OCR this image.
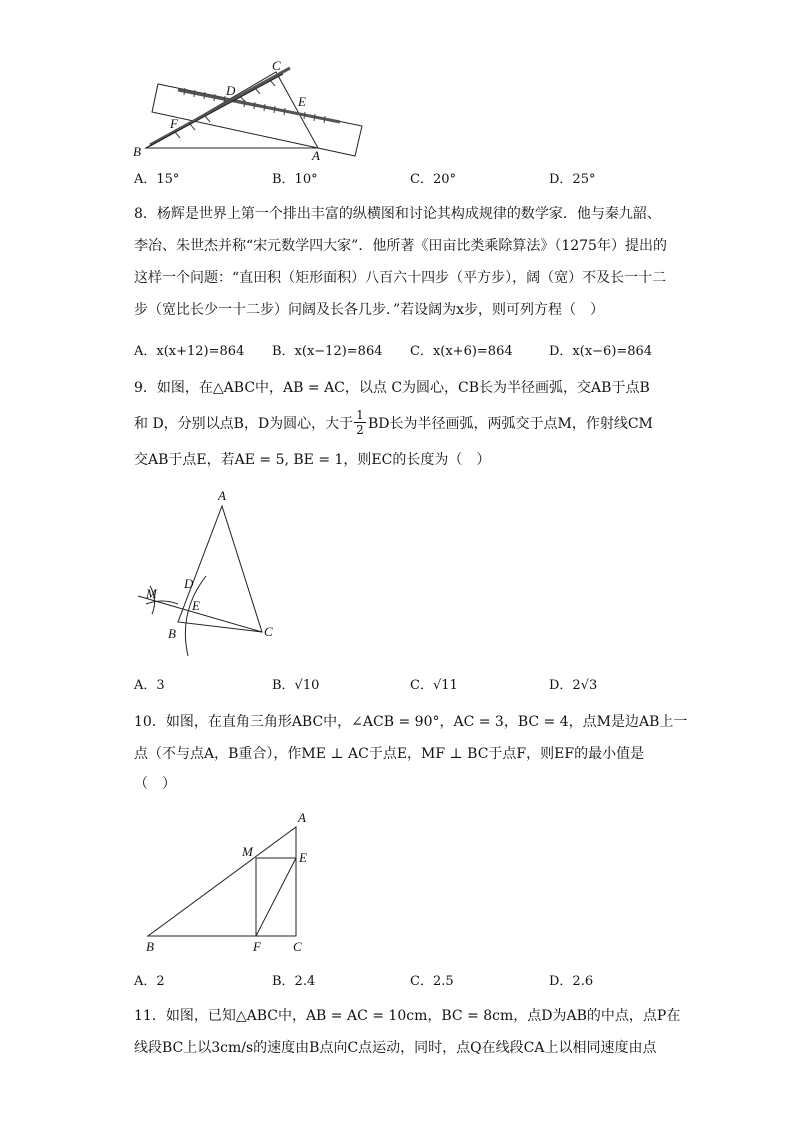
C
D
E
F
B	A
A．15°	B．10°	C．20°	D．25°
8．杨辉是世界上第一个排出丰富的纵横图和讨论其构成规律的数学家．他与秦九韶、
李冶、朱世杰并称“宋元数学四大家”．他所著《田亩比类乘除算法》（1275年）提出的
这样一个问题：“直田积（矩形面积）八百六十四步（平方步），阔（宽）不及长一十二
步（宽比长少一十二步）问阔及长各几步．”若设阔为x步，则可列方程（　）
A．x(x+12)=864 B．x(x−12)=864 C．x(x+6)=864	D．x(x−6)=864
9．如图，在△ABC中，AB = AC，以点 C为圆心，CB长为半径画弧，交AB于点B
和 D，分别以点B，D为圆心，大于 $\frac{1}{2}$ BD长为半径画弧，两弧交于点M，作射线CM
交AB于点E，若AE = 5, BE = 1，则EC的长度为（　）
A
M
D
E
B	C
A．3	B．√10	C．√11	D．2√3
10．如图，在直角三角形ABC中，∠ACB = 90°，AC = 3，BC = 4，点M是边AB上一
点（不与点A，B重合），作ME ⊥ AC于点E，MF ⊥ BC于点F，则EF的最小值是
（　）
A
M	E
B	F C
A．2	B．2.4	C．2.5	D．2.6
11．如图，已知△ABC中，AB = AC = 10cm，BC = 8cm，点D为AB的中点，点P在
线段BC上以3cm/s的速度由B点向C点运动，同时，点Q在线段CA上以相同速度由点
